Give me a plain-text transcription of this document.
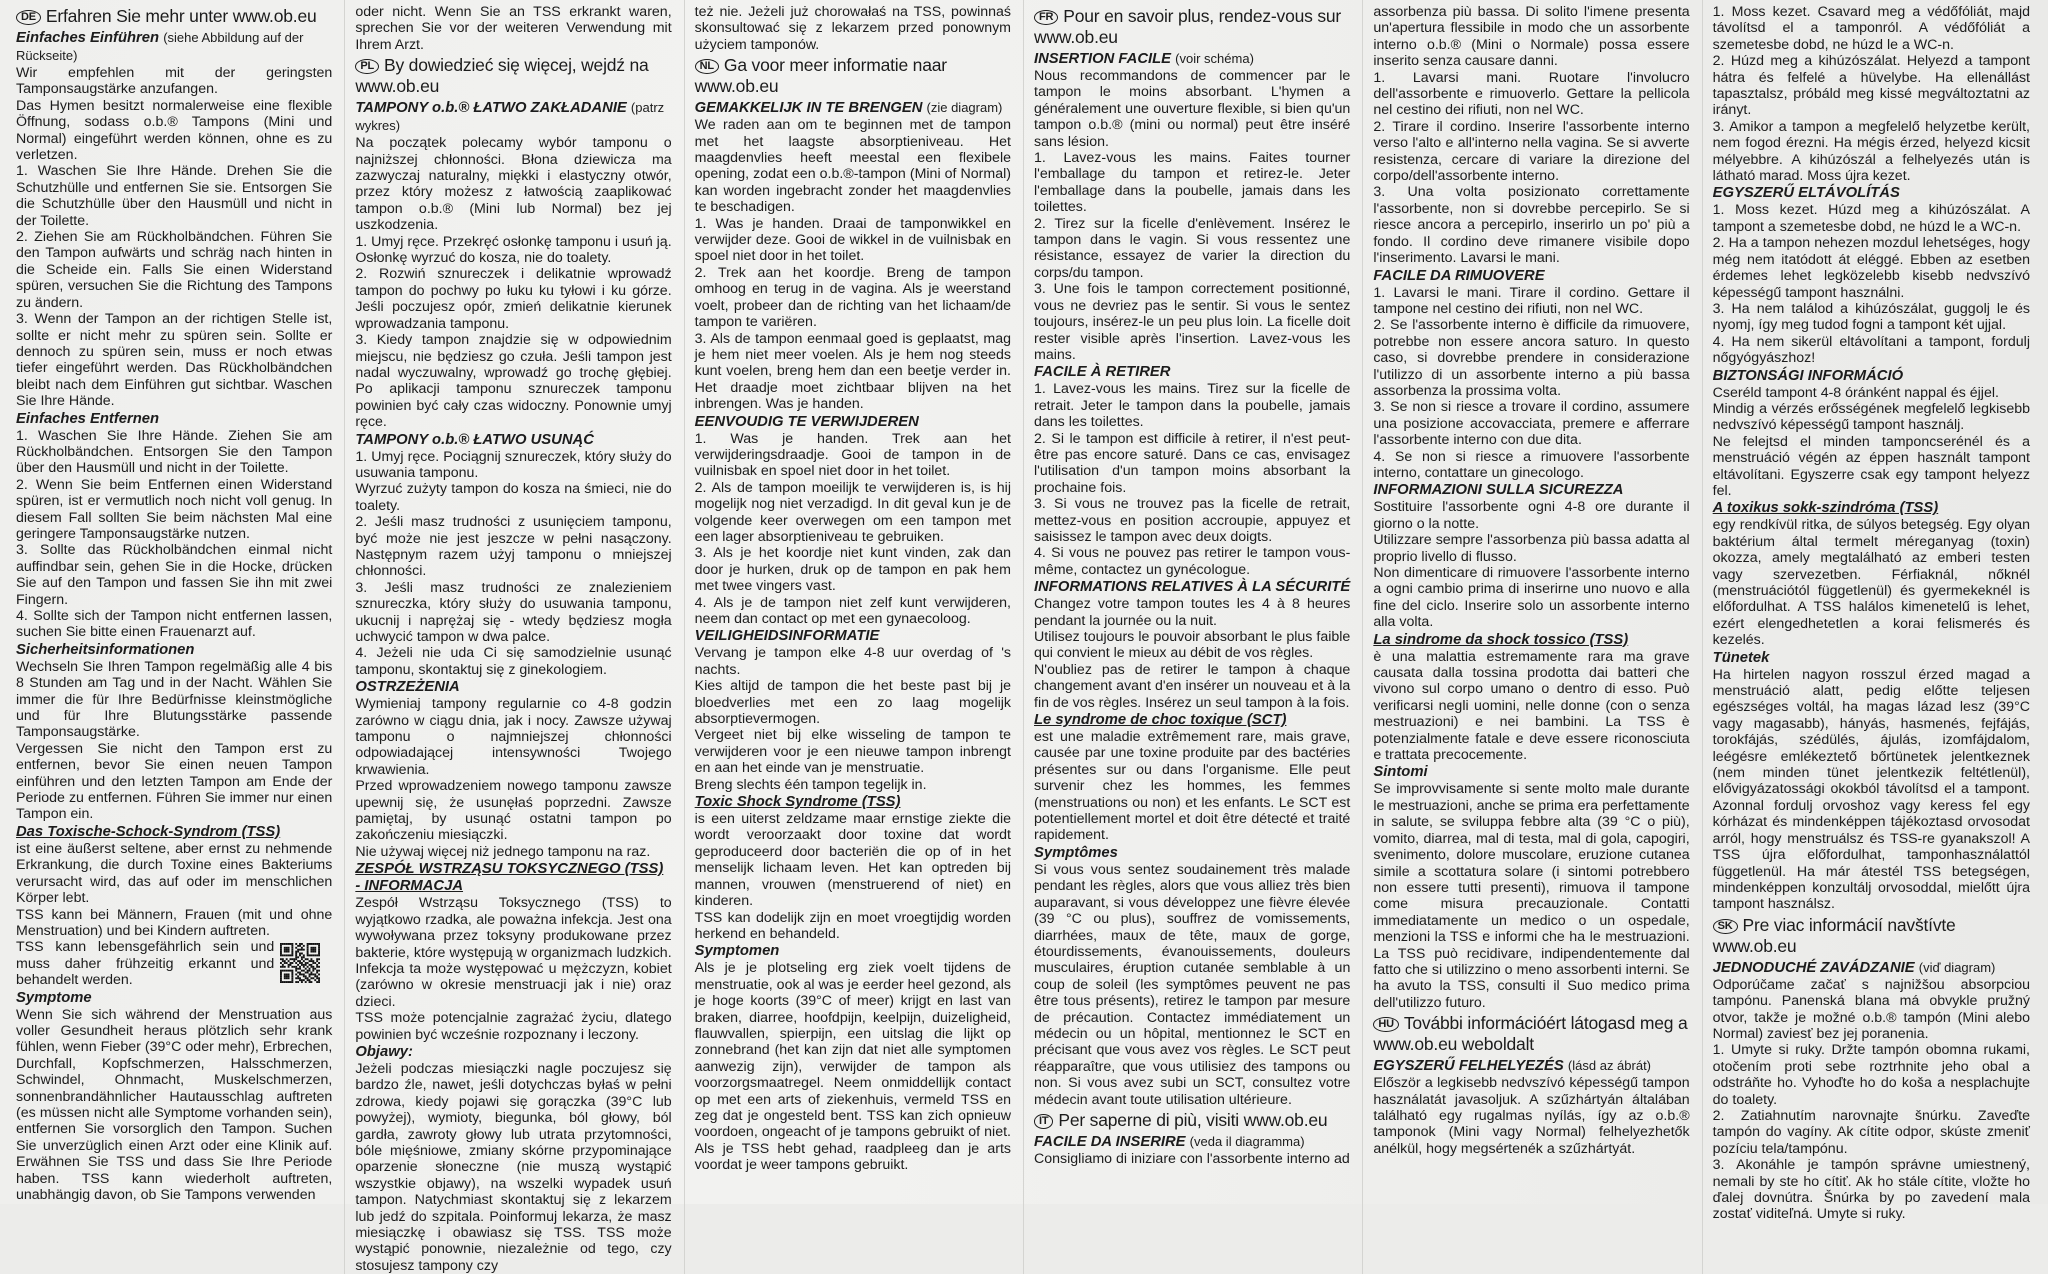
DE Erfahren Sie mehr unter www.ob.eu
Einfaches Einführen (siehe Abbildung auf der Rückseite)

Wir empfehlen mit der geringsten Tamponsaugstärke anzufangen.

Das Hymen besitzt normalerweise eine flexible Öffnung, sodass o.b.® Tampons (Mini und Normal) eingeführt werden können, ohne es zu verletzen.

1. Waschen Sie Ihre Hände. Drehen Sie die Schutzhülle und entfernen Sie sie. Entsorgen Sie die Schutzhülle über den Hausmüll und nicht in der Toilette.

2. Ziehen Sie am Rückholbändchen. Führen Sie den Tampon aufwärts und schräg nach hinten in die Scheide ein. Falls Sie einen Widerstand spüren, versuchen Sie die Richtung des Tampons zu ändern.

3. Wenn der Tampon an der richtigen Stelle ist, sollte er nicht mehr zu spüren sein. Sollte er dennoch zu spüren sein, muss er noch etwas tiefer eingeführt werden. Das Rückholbändchen bleibt nach dem Einführen gut sichtbar. Waschen Sie Ihre Hände.

Einfaches Entfernen

1. Waschen Sie Ihre Hände. Ziehen Sie am Rückholbändchen. Entsorgen Sie den Tampon über den Hausmüll und nicht in der Toilette.

2. Wenn Sie beim Entfernen einen Widerstand spüren, ist er vermutlich noch nicht voll genug. In diesem Fall sollten Sie beim nächsten Mal eine geringere Tamponsaugstärke nutzen.

3. Sollte das Rückholbändchen einmal nicht auffindbar sein, gehen Sie in die Hocke, drücken Sie auf den Tampon und fassen Sie ihn mit zwei Fingern.

4. Sollte sich der Tampon nicht entfernen lassen, suchen Sie bitte einen Frauenarzt auf.

Sicherheitsinformationen

Wechseln Sie Ihren Tampon regelmäßig alle 4 bis 8 Stunden am Tag und in der Nacht. Wählen Sie immer die für Ihre Bedürfnisse kleinstmögliche und für Ihre Blutungsstärke passende Tamponsaugstärke.

Vergessen Sie nicht den Tampon erst zu entfernen, bevor Sie einen neuen Tampon einführen und den letzten Tampon am Ende der Periode zu entfernen. Führen Sie immer nur einen Tampon ein.

Das Toxische-Schock-Syndrom (TSS)

ist eine äußerst seltene, aber ernst zu nehmende Erkrankung, die durch Toxine eines Bakteriums verursacht wird, das auf oder im menschlichen Körper lebt.

TSS kann bei Männern, Frauen (mit und ohne Menstruation) und bei Kindern auftreten.

TSS kann lebensgefährlich sein und muss daher frühzeitig erkannt und behandelt werden.

Symptome

Wenn Sie sich während der Menstruation aus voller Gesundheit heraus plötzlich sehr krank fühlen, wenn Fieber (39°C oder mehr), Erbrechen, Durchfall, Kopfschmerzen, Halsschmerzen, Schwindel, Ohnmacht, Muskelschmerzen, sonnenbrandähnlicher Hautausschlag auftreten (es müssen nicht alle Symptome vorhanden sein), entfernen Sie vorsorglich den Tampon. Suchen Sie unverzüglich einen Arzt oder eine Klinik auf. Erwähnen Sie TSS und dass Sie Ihre Periode haben. TSS kann wiederholt auftreten, unabhängig davon, ob Sie Tampons verwenden

oder nicht. Wenn Sie an TSS erkrankt waren, sprechen Sie vor der weiteren Verwendung mit Ihrem Arzt.

PL By dowiedzieć się więcej, wejdź na www.ob.eu
TAMPONY o.b.® ŁATWO ZAKŁADANIE (patrz wykres)

Na początek polecamy wybór tamponu o najniższej chłonności. Błona dziewicza ma zazwyczaj naturalny, miękki i elastyczny otwór, przez który możesz z łatwością zaaplikować tampon o.b.® (Mini lub Normal) bez jej uszkodzenia.

1. Umyj ręce. Przekręć osłonkę tamponu i usuń ją. Osłonkę wyrzuć do kosza, nie do toalety.

2. Rozwiń sznureczek i delikatnie wprowadź tampon do pochwy po łuku ku tyłowi i ku górze. Jeśli poczujesz opór, zmień delikatnie kierunek wprowadzania tamponu.

3. Kiedy tampon znajdzie się w odpowiednim miejscu, nie będziesz go czuła. Jeśli tampon jest nadal wyczuwalny, wprowadź go trochę głębiej. Po aplikacji tamponu sznureczek tamponu powinien być cały czas widoczny. Ponownie umyj ręce.

TAMPONY o.b.® ŁATWO USUNĄĆ

1. Umyj ręce. Pociągnij sznureczek, który służy do usuwania tamponu.

Wyrzuć zużyty tampon do kosza na śmieci, nie do toalety.

2. Jeśli masz trudności z usunięciem tamponu, być może nie jest jeszcze w pełni nasączony. Następnym razem użyj tamponu o mniejszej chłonności.

3. Jeśli masz trudności ze znalezieniem sznureczka, który służy do usuwania tamponu, ukucnij i naprężaj się - wtedy będziesz mogła uchwycić tampon w dwa palce.

4. Jeżeli nie uda Ci się samodzielnie usunąć tamponu, skontaktuj się z ginekologiem.

OSTRZEŻENIA

Wymieniaj tampony regularnie co 4-8 godzin zarówno w ciągu dnia, jak i nocy. Zawsze używaj tamponu o najmniejszej chłonności odpowiadającej intensywności Twojego krwawienia.

Przed wprowadzeniem nowego tamponu zawsze upewnij się, że usunęłaś poprzedni. Zawsze pamiętaj, by usunąć ostatni tampon po zakończeniu miesiączki.

Nie używaj więcej niż jednego tamponu na raz.

ZESPÓŁ WSTRZĄSU TOKSYCZNEGO (TSS) - INFORMACJA

Zespół Wstrząsu Toksycznego (TSS) to wyjątkowo rzadka, ale poważna infekcja. Jest ona wywoływana przez toksyny produkowane przez bakterie, które występują w organizmach ludzkich. Infekcja ta może występować u mężczyzn, kobiet (zarówno w okresie menstruacji jak i nie) oraz dzieci.

TSS może potencjalnie zagrażać życiu, dlatego powinien być wcześnie rozpoznany i leczony.

Objawy:

Jeżeli podczas miesiączki nagle poczujesz się bardzo źle, nawet, jeśli dotychczas byłaś w pełni zdrowa, kiedy pojawi się gorączka (39°C lub powyżej), wymioty, biegunka, ból głowy, ból gardła, zawroty głowy lub utrata przytomności, bóle mięśniowe, zmiany skórne przypominające oparzenie słoneczne (nie muszą wystąpić wszystkie objawy), na wszelki wypadek usuń tampon. Natychmiast skontaktuj się z lekarzem lub jedź do szpitala. Poinformuj lekarza, że masz miesiączkę i obawiasz się TSS. TSS może wystąpić ponownie, niezależnie od tego, czy stosujesz tampony czy

też nie. Jeżeli już chorowałaś na TSS, powinnaś skonsultować się z lekarzem przed ponownym użyciem tamponów.

NL Ga voor meer informatie naar www.ob.eu
GEMAKKELIJK IN TE BRENGEN (zie diagram)

We raden aan om te beginnen met de tampon met het laagste absorptieniveau. Het maagdenvlies heeft meestal een flexibele opening, zodat een o.b.®-tampon (Mini of Normal) kan worden ingebracht zonder het maagdenvlies te beschadigen.

1. Was je handen. Draai de tamponwikkel en verwijder deze. Gooi de wikkel in de vuilnisbak en spoel niet door in het toilet.

2. Trek aan het koordje. Breng de tampon omhoog en terug in de vagina. Als je weerstand voelt, probeer dan de richting van het lichaam/de tampon te variëren.

3. Als de tampon eenmaal goed is geplaatst, mag je hem niet meer voelen. Als je hem nog steeds kunt voelen, breng hem dan een beetje verder in. Het draadje moet zichtbaar blijven na het inbrengen. Was je handen.

EENVOUDIG TE VERWIJDEREN

1. Was je handen. Trek aan het verwijderingsdraadje. Gooi de tampon in de vuilnisbak en spoel niet door in het toilet.

2. Als de tampon moeilijk te verwijderen is, is hij mogelijk nog niet verzadigd. In dit geval kun je de volgende keer overwegen om een tampon met een lager absorptieniveau te gebruiken.

3. Als je het koordje niet kunt vinden, zak dan door je hurken, druk op de tampon en pak hem met twee vingers vast.

4. Als je de tampon niet zelf kunt verwijderen, neem dan contact op met een gynaecoloog.

VEILIGHEIDSINFORMATIE

Vervang je tampon elke 4-8 uur overdag of 's nachts.

Kies altijd de tampon die het beste past bij je bloedverlies met een zo laag mogelijk absorptievermogen.

Vergeet niet bij elke wisseling de tampon te verwijderen voor je een nieuwe tampon inbrengt en aan het einde van je menstruatie.

Breng slechts één tampon tegelijk in.

Toxic Shock Syndrome (TSS)

is een uiterst zeldzame maar ernstige ziekte die wordt veroorzaakt door toxine dat wordt geproduceerd door bacteriën die op of in het menselijk lichaam leven. Het kan optreden bij mannen, vrouwen (menstruerend of niet) en kinderen.

TSS kan dodelijk zijn en moet vroegtijdig worden herkend en behandeld.

Symptomen

Als je je plotseling erg ziek voelt tijdens de menstruatie, ook al was je eerder heel gezond, als je hoge koorts (39°C of meer) krijgt en last van braken, diarree, hoofdpijn, keelpijn, duizeligheid, flauwvallen, spierpijn, een uitslag die lijkt op zonnebrand (het kan zijn dat niet alle symptomen aanwezig zijn), verwijder de tampon als voorzorgsmaatregel. Neem onmiddellijk contact op met een arts of ziekenhuis, vermeld TSS en zeg dat je ongesteld bent. TSS kan zich opnieuw voordoen, ongeacht of je tampons gebruikt of niet. Als je TSS hebt gehad, raadpleeg dan je arts voordat je weer tampons gebruikt.

FR Pour en savoir plus, rendez-vous sur www.ob.eu
INSERTION FACILE (voir schéma)

Nous recommandons de commencer par le tampon le moins absorbant. L'hymen a généralement une ouverture flexible, si bien qu'un tampon o.b.® (mini ou normal) peut être inséré sans lésion.

1. Lavez-vous les mains. Faites tourner l'emballage du tampon et retirez-le. Jeter l'emballage dans la poubelle, jamais dans les toilettes.

2. Tirez sur la ficelle d'enlèvement. Insérez le tampon dans le vagin. Si vous ressentez une résistance, essayez de varier la direction du corps/du tampon.

3. Une fois le tampon correctement positionné, vous ne devriez pas le sentir. Si vous le sentez toujours, insérez-le un peu plus loin. La ficelle doit rester visible après l'insertion. Lavez-vous les mains.

FACILE À RETIRER

1. Lavez-vous les mains. Tirez sur la ficelle de retrait. Jeter le tampon dans la poubelle, jamais dans les toilettes.

2. Si le tampon est difficile à retirer, il n'est peut-être pas encore saturé. Dans ce cas, envisagez l'utilisation d'un tampon moins absorbant la prochaine fois.

3. Si vous ne trouvez pas la ficelle de retrait, mettez-vous en position accroupie, appuyez et saisissez le tampon avec deux doigts.

4. Si vous ne pouvez pas retirer le tampon vous-même, contactez un gynécologue.

INFORMATIONS RELATIVES À LA SÉCURITÉ

Changez votre tampon toutes les 4 à 8 heures pendant la journée ou la nuit.

Utilisez toujours le pouvoir absorbant le plus faible qui convient le mieux au débit de vos règles.

N'oubliez pas de retirer le tampon à chaque changement avant d'en insérer un nouveau et à la fin de vos règles. Insérez un seul tampon à la fois.

Le syndrome de choc toxique (SCT)

est une maladie extrêmement rare, mais grave, causée par une toxine produite par des bactéries présentes sur ou dans l'organisme. Elle peut survenir chez les hommes, les femmes (menstruations ou non) et les enfants. Le SCT est potentiellement mortel et doit être détecté et traité rapidement.

Symptômes

Si vous vous sentez soudainement très malade pendant les règles, alors que vous alliez très bien auparavant, si vous développez une fièvre élevée (39 °C ou plus), souffrez de vomissements, diarrhées, maux de tête, maux de gorge, étourdissements, évanouissements, douleurs musculaires, éruption cutanée semblable à un coup de soleil (les symptômes peuvent ne pas être tous présents), retirez le tampon par mesure de précaution. Contactez immédiatement un médecin ou un hôpital, mentionnez le SCT en précisant que vous avez vos règles. Le SCT peut réapparaître, que vous utilisiez des tampons ou non. Si vous avez subi un SCT, consultez votre médecin avant toute utilisation ultérieure.

IT Per saperne di più, visiti www.ob.eu
FACILE DA INSERIRE (veda il diagramma)

Consigliamo di iniziare con l'assorbente interno ad

assorbenza più bassa. Di solito l'imene presenta un'apertura flessibile in modo che un assorbente interno o.b.® (Mini o Normale) possa essere inserito senza causare danni.

1. Lavarsi mani. Ruotare l'involucro dell'assorbente e rimuoverlo. Gettare la pellicola nel cestino dei rifiuti, non nel WC.

2. Tirare il cordino. Inserire l'assorbente interno verso l'alto e all'interno nella vagina. Se si avverte resistenza, cercare di variare la direzione del corpo/dell'assorbente interno.

3. Una volta posizionato correttamente l'assorbente, non si dovrebbe percepirlo. Se si riesce ancora a percepirlo, inserirlo un po' più a fondo. Il cordino deve rimanere visibile dopo l'inserimento. Lavarsi le mani.

FACILE DA RIMUOVERE

1. Lavarsi le mani. Tirare il cordino. Gettare il tampone nel cestino dei rifiuti, non nel WC.

2. Se l'assorbente interno è difficile da rimuovere, potrebbe non essere ancora saturo. In questo caso, si dovrebbe prendere in considerazione l'utilizzo di un assorbente interno a più bassa assorbenza la prossima volta.

3. Se non si riesce a trovare il cordino, assumere una posizione accovacciata, premere e afferrare l'assorbente interno con due dita.

4. Se non si riesce a rimuovere l'assorbente interno, contattare un ginecologo.

INFORMAZIONI SULLA SICUREZZA

Sostituire l'assorbente ogni 4-8 ore durante il giorno o la notte.

Utilizzare sempre l'assorbenza più bassa adatta al proprio livello di flusso.

Non dimenticare di rimuovere l'assorbente interno a ogni cambio prima di inserirne uno nuovo e alla fine del ciclo. Inserire solo un assorbente interno alla volta.

La sindrome da shock tossico (TSS)

è una malattia estremamente rara ma grave causata dalla tossina prodotta dai batteri che vivono sul corpo umano o dentro di esso. Può verificarsi negli uomini, nelle donne (con o senza mestruazioni) e nei bambini. La TSS è potenzialmente fatale e deve essere riconosciuta e trattata precocemente.

Sintomi

Se improvvisamente si sente molto male durante le mestruazioni, anche se prima era perfettamente in salute, se sviluppa febbre alta (39 °C o più), vomito, diarrea, mal di testa, mal di gola, capogiri, svenimento, dolore muscolare, eruzione cutanea simile a scottatura solare (i sintomi potrebbero non essere tutti presenti), rimuova il tampone come misura precauzionale. Contatti immediatamente un medico o un ospedale, menzioni la TSS e informi che ha le mestruazioni. La TSS può recidivare, indipendentemente dal fatto che si utilizzino o meno assorbenti interni. Se ha avuto la TSS, consulti il Suo medico prima dell'utilizzo futuro.

HU További információért látogasd meg a www.ob.eu weboldalt
EGYSZERŰ FELHELYEZÉS (lásd az ábrát)

Először a legkisebb nedvszívó képességű tampon használatát javasoljuk. A szűzhártyán általában található egy rugalmas nyílás, így az o.b.® tamponok (Mini vagy Normal) felhelyezhetők anélkül, hogy megsértenék a szűzhártyát.

1. Moss kezet. Csavard meg a védőfóliát, majd távolítsd el a tamponról. A védőfóliát a szemetesbe dobd, ne húzd le a WC-n.

2. Húzd meg a kihúzószálat. Helyezd a tampont hátra és felfelé a hüvelybe. Ha ellenállást tapasztalsz, próbáld meg kissé megváltoztatni az irányt.

3. Amikor a tampon a megfelelő helyzetbe került, nem fogod érezni. Ha mégis érzed, helyezd kicsit mélyebbre. A kihúzószál a felhelyezés után is látható marad. Moss újra kezet.

EGYSZERŰ ELTÁVOLÍTÁS

1. Moss kezet. Húzd meg a kihúzószálat. A tampont a szemetesbe dobd, ne húzd le a WC-n.

2. Ha a tampon nehezen mozdul lehetséges, hogy még nem itatódott át eléggé. Ebben az esetben érdemes lehet legközelebb kisebb nedvszívó képességű tampont használni.

3. Ha nem találod a kihúzószálat, guggolj le és nyomj, így meg tudod fogni a tampont két ujjal.

4. Ha nem sikerül eltávolítani a tampont, fordulj nőgyógyászhoz!

BIZTONSÁGI INFORMÁCIÓ

Cseréld tampont 4-8 óránként nappal és éjjel.

Mindig a vérzés erősségének megfelelő legkisebb nedvszívó képességű tampont használj.

Ne felejtsd el minden tamponcserénél és a menstruáció végén az éppen használt tampont eltávolítani. Egyszerre csak egy tampont helyezz fel.

A toxikus sokk-szindróma (TSS)

egy rendkívül ritka, de súlyos betegség. Egy olyan baktérium által termelt méreganyag (toxin) okozza, amely megtalálható az emberi testen vagy szervezetben. Férfiaknál, nőknél (menstruációtól függetlenül) és gyermekeknél is előfordulhat. A TSS halálos kimenetelű is lehet, ezért elengedhetetlen a korai felismerés és kezelés.

Tünetek

Ha hirtelen nagyon rosszul érzed magad a menstruáció alatt, pedig előtte teljesen egészséges voltál, ha magas lázad lesz (39°C vagy magasabb), hányás, hasmenés, fejfájás, torokfájás, szédülés, ájulás, izomfájdalom, leégésre emlékeztető bőrtünetek jelentkeznek (nem minden tünet jelentkezik feltétlenül), elővigyázatossági okokból távolítsd el a tampont. Azonnal fordulj orvoshoz vagy keress fel egy kórházat és mindenképpen tájékoztasd orvosodat arról, hogy menstruálsz és TSS-re gyanakszol! A TSS újra előfordulhat, tamponhasználattól függetlenül. Ha már átestél TSS betegségen, mindenképpen konzultálj orvosoddal, mielőtt újra tampont használsz.

SK Pre viac informácií navštívte www.ob.eu
JEDNODUCHÉ ZAVÁDZANIE (viď diagram)

Odporúčame začať s najnižšou absorpciou tampónu. Panenská blana má obvykle pružný otvor, takže je možné o.b.® tampón (Mini alebo Normal) zaviesť bez jej poranenia.

1. Umyte si ruky. Držte tampón obomna rukami, otočením proti sebe roztrhnite jeho obal a odstráňte ho. Vyhoďte ho do koša a nesplachujte do toalety.

2. Zatiahnutím narovnajte šnúrku. Zaveďte tampón do vagíny. Ak cítite odpor, skúste zmeniť pozíciu tela/tampónu.

3. Akonáhle je tampón správne umiestnený, nemali by ste ho cítiť. Ak ho stále cítite, vložte ho ďalej dovnútra. Šnúrka by po zavedení mala zostať viditeľná. Umyte si ruky.
